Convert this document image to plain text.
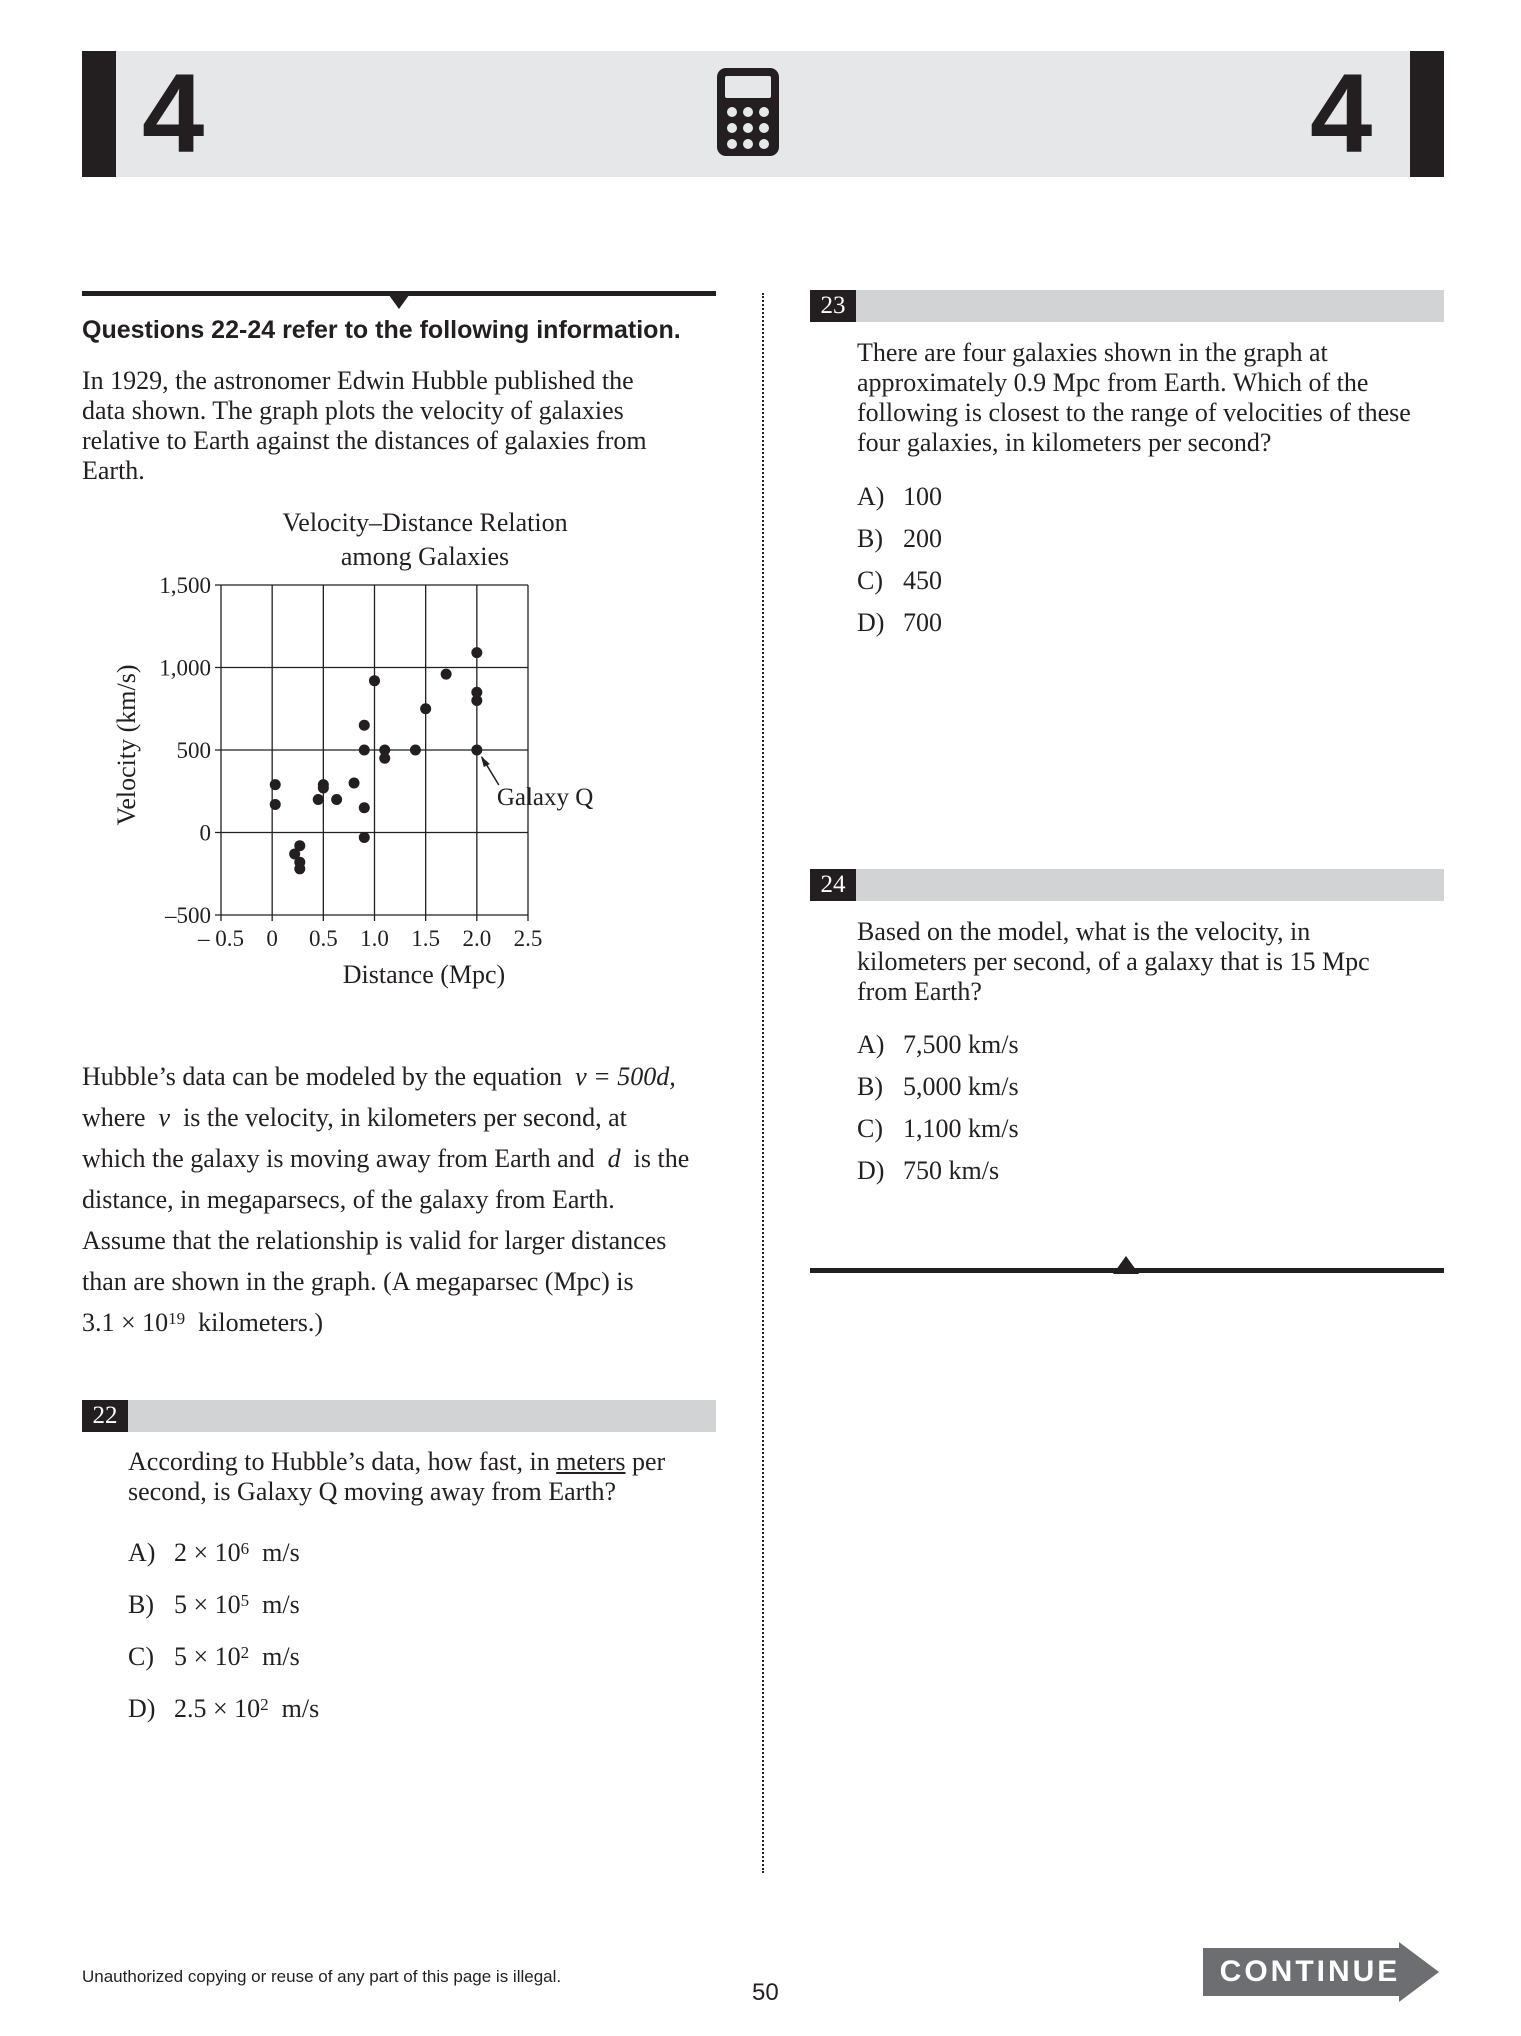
4	4
Questions 22-24 refer to the following information.
In 1929, the astronomer Edwin Hubble published the
data shown. The graph plots the velocity of galaxies
relative to Earth against the distances of galaxies from
Earth.
Velocity–Distance Relation
among Galaxies
– 0.5 0 0.5 1.0 1.5 2.0 2.5
–500
0
500
1,000
1,500
Galaxy Q
Distance (Mpc)
Velocity (km/s)
Hubble’s data can be modeled by the equation v = 500d,
where v is the velocity, in kilometers per second, at
which the galaxy is moving away from Earth and d is the
distance, in megaparsecs, of the galaxy from Earth.
Assume that the relationship is valid for larger distances
than are shown in the graph. (A megaparsec (Mpc) is
$3.1 \times 10^{19}$ kilometers.)
22
According to Hubble’s data, how fast, in meters per
second, is Galaxy Q moving away from Earth?
A) $2 \times 10^6$ m/s
B) $5 \times 10^5$ m/s
C) $5 \times 10^2$ m/s
D) $2.5 \times 10^2$ m/s
23
There are four galaxies shown in the graph at
approximately 0.9 Mpc from Earth. Which of the
following is closest to the range of velocities of these
four galaxies, in kilometers per second?
A) 100
B) 200
C) 450
D) 700
24
Based on the model, what is the velocity, in
kilometers per second, of a galaxy that is 15 Mpc
from Earth?
A) 7,500 km/s
B) 5,000 km/s
C) 1,100 km/s
D) 750 km/s
Unauthorized copying or reuse of any part of this page is illegal.
50
CONTINUE
